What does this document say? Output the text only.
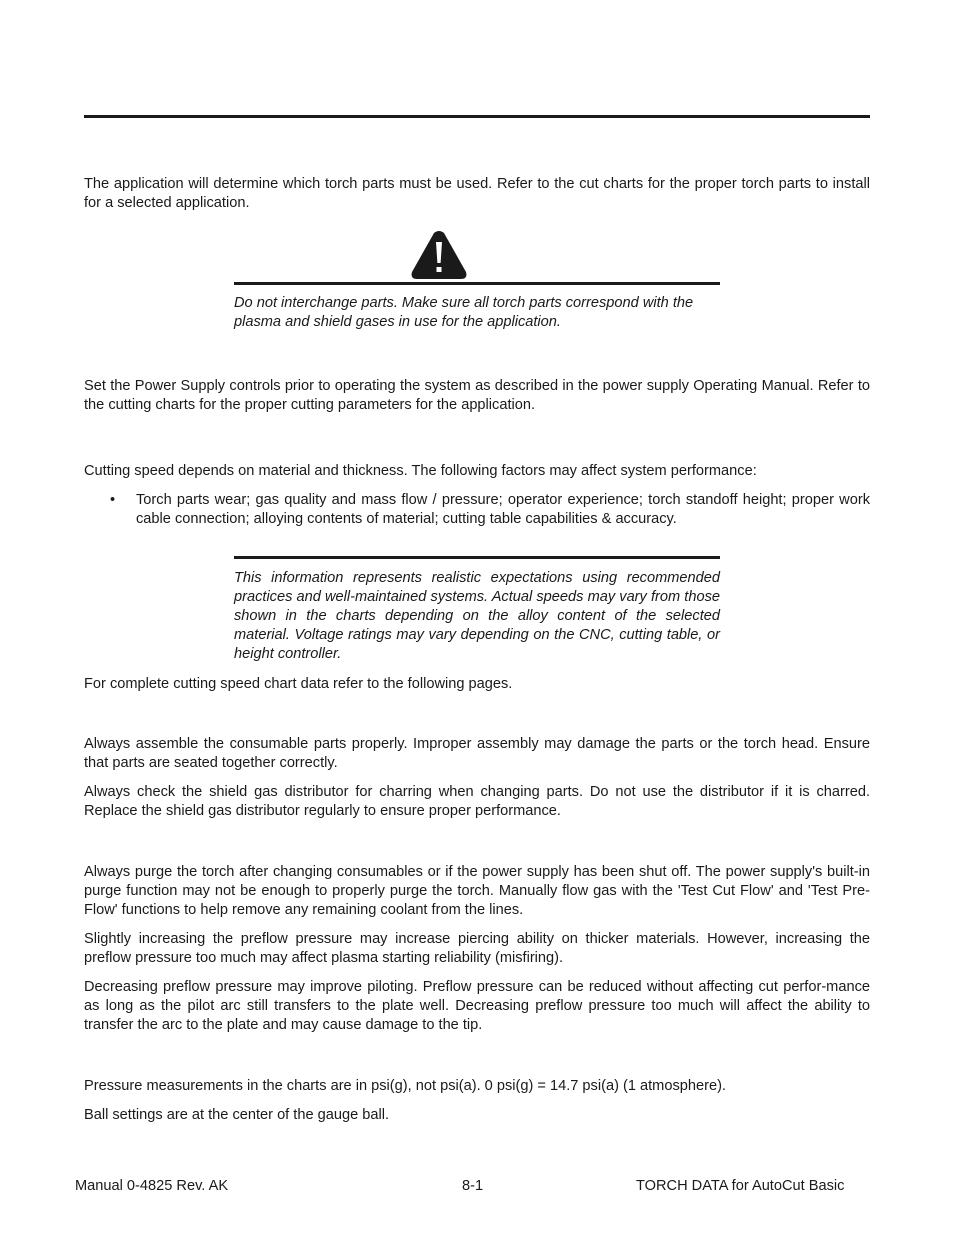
The application will determine which torch parts must be used. Refer to the cut charts for the proper torch parts to install for a selected application.

Do not interchange parts. Make sure all torch parts correspond with the plasma and shield gases in use for the application.

Set the Power Supply controls prior to operating the system as described in the power supply Operating Manual. Refer to the cutting charts for the proper cutting parameters for the application.

Cutting speed depends on material and thickness. The following factors may affect system performance:

•	Torch parts wear; gas quality and mass flow / pressure; operator experience; torch standoff height; proper work cable connection; alloying contents of material; cutting table capabilities & accuracy.

This information represents realistic expectations using recommended practices and well-maintained systems. Actual speeds may vary from those shown in the charts depending on the alloy content of the selected material. Voltage ratings may vary depending on the CNC, cutting table, or height controller.

For complete cutting speed chart data refer to the following pages.

Always assemble the consumable parts properly. Improper assembly may damage the parts or the torch head. Ensure that parts are seated together correctly.

Always check the shield gas distributor for charring when changing parts. Do not use the distributor if it is charred. Replace the shield gas distributor regularly to ensure proper performance.

Always purge the torch after changing consumables or if the power supply has been shut off. The power supply's built-in purge function may not be enough to properly purge the torch. Manually flow gas with the 'Test Cut Flow' and 'Test Pre-Flow' functions to help remove any remaining coolant from the lines.

Slightly increasing the preflow pressure may increase piercing ability on thicker materials. However, increasing the preflow pressure too much may affect plasma starting reliability (misfiring).

Decreasing preflow pressure may improve piloting. Preflow pressure can be reduced without affecting cut perfor-mance as long as the pilot arc still transfers to the plate well. Decreasing preflow pressure too much will affect the ability to transfer the arc to the plate and may cause damage to the tip.

Pressure measurements in the charts are in psi(g), not psi(a). 0 psi(g) = 14.7 psi(a) (1 atmosphere).

Ball settings are at the center of the gauge ball.

Manual 0-4825 Rev. AK	8-1	TORCH DATA for AutoCut Basic
